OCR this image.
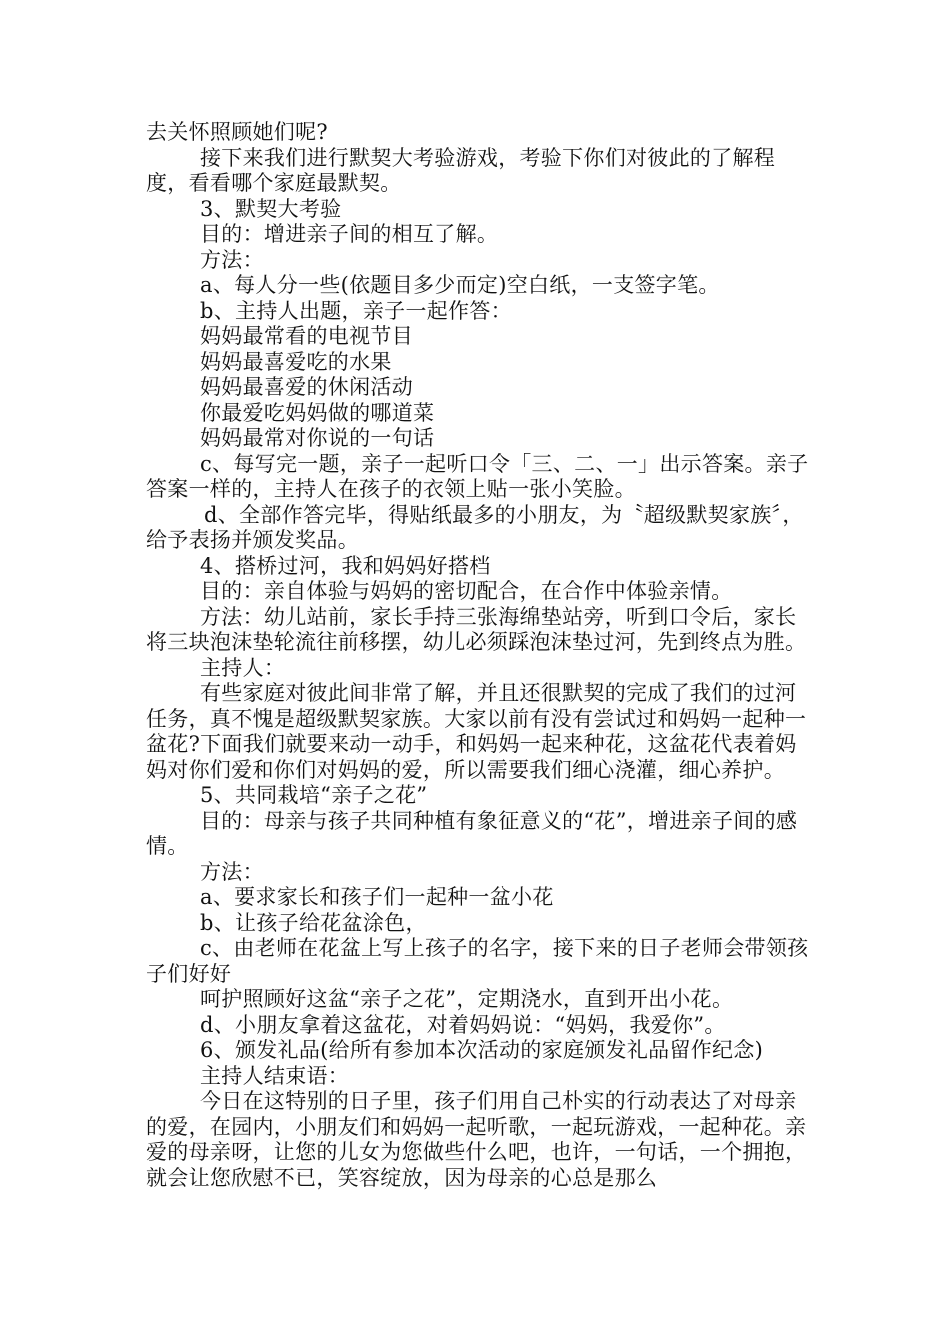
去关怀照顾她们呢?

接下来我们进行默契大考验游戏，考验下你们对彼此的了解程度，看看哪个家庭最默契。

3、默契大考验

目的：增进亲子间的相互了解。

方法：

a、每人分一些(依题目多少而定)空白纸，一支签字笔。

b、主持人出题，亲子一起作答：

妈妈最常看的电视节目

妈妈最喜爱吃的水果

妈妈最喜爱的休闲活动

你最爱吃妈妈做的哪道菜

妈妈最常对你说的一句话

c、每写完一题，亲子一起听口令「三、二、一」出示答案。亲子答案一样的，主持人在孩子的衣领上贴一张小笑脸。

d、全部作答完毕，得贴纸最多的小朋友，为〝超级默契家族〞，给予表扬并颁发奖品。

4、搭桥过河，我和妈妈好搭档

目的：亲自体验与妈妈的密切配合，在合作中体验亲情。

方法：幼儿站前，家长手持三张海绵垫站旁，听到口令后，家长将三块泡沫垫轮流往前移摆，幼儿必须踩泡沫垫过河，先到终点为胜。

主持人：

有些家庭对彼此间非常了解，并且还很默契的完成了我们的过河任务，真不愧是超级默契家族。大家以前有没有尝试过和妈妈一起种一盆花?下面我们就要来动一动手，和妈妈一起来种花，这盆花代表着妈妈对你们爱和你们对妈妈的爱，所以需要我们细心浇灌，细心养护。

5、共同栽培“亲子之花”

目的：母亲与孩子共同种植有象征意义的“花”，增进亲子间的感情。

方法：

a、要求家长和孩子们一起种一盆小花

b、让孩子给花盆涂色，

c、由老师在花盆上写上孩子的名字，接下来的日子老师会带领孩子们好好

呵护照顾好这盆“亲子之花”，定期浇水，直到开出小花。

d、小朋友拿着这盆花，对着妈妈说：“妈妈，我爱你”。

6、颁发礼品(给所有参加本次活动的家庭颁发礼品留作纪念)

主持人结束语：

今日在这特别的日子里，孩子们用自己朴实的行动表达了对母亲的爱，在园内，小朋友们和妈妈一起听歌，一起玩游戏，一起种花。亲爱的母亲呀，让您的儿女为您做些什么吧，也许，一句话，一个拥抱，就会让您欣慰不已，笑容绽放，因为母亲的心总是那么
